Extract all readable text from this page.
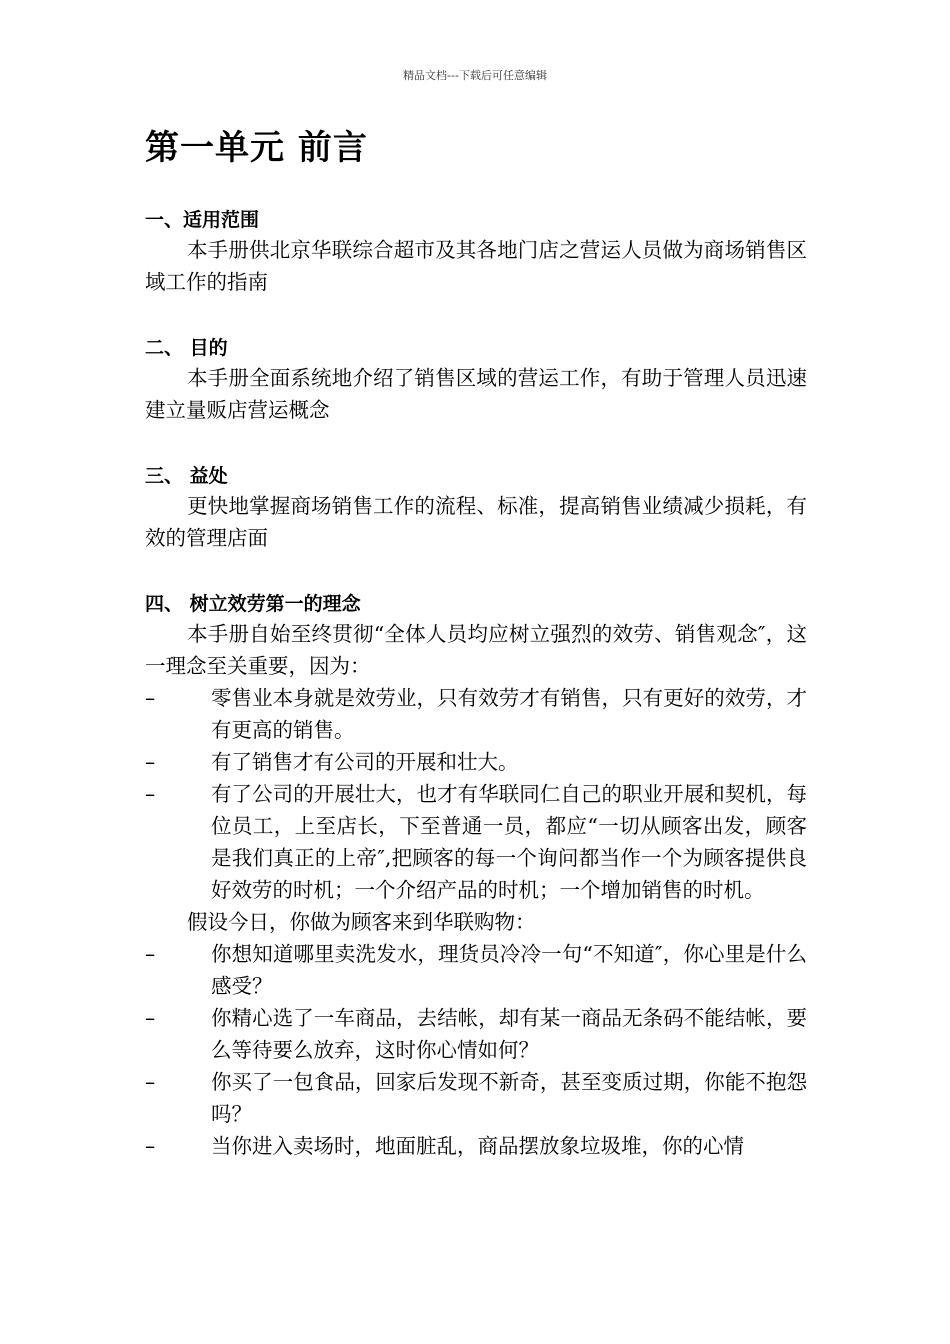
精品文档---下载后可任意编辑
第一单元 前言
一、适用范围

本手册供北京华联综合超市及其各地门店之营运人员做为商场销售区域工作的指南

二、 目的

本手册全面系统地介绍了销售区域的营运工作，有助于管理人员迅速建立量贩店营运概念

三、 益处

更快地掌握商场销售工作的流程、标准，提高销售业绩减少损耗，有效的管理店面

四、 树立效劳第一的理念

本手册自始至终贯彻“全体人员均应树立强烈的效劳、销售观念″，这一理念至关重要，因为：

–
零售业本身就是效劳业，只有效劳才有销售，只有更好的效劳，才有更高的销售。
–
有了销售才有公司的开展和壮大。
–
有了公司的开展壮大，也才有华联同仁自己的职业开展和契机，每位员工，上至店长，下至普通一员，都应“一切从顾客出发，顾客是我们真正的上帝″,把顾客的每一个询问都当作一个为顾客提供良好效劳的时机；一个介绍产品的时机；一个增加销售的时机。

假设今日，你做为顾客来到华联购物：

–
你想知道哪里卖洗发水，理货员冷冷一句“不知道″，你心里是什么感受？
–
你精心选了一车商品，去结帐，却有某一商品无条码不能结帐，要么等待要么放弃，这时你心情如何？
–
你买了一包食品，回家后发现不新奇，甚至变质过期，你能不抱怨吗？
–
当你进入卖场时，地面脏乱，商品摆放象垃圾堆，你的心情
